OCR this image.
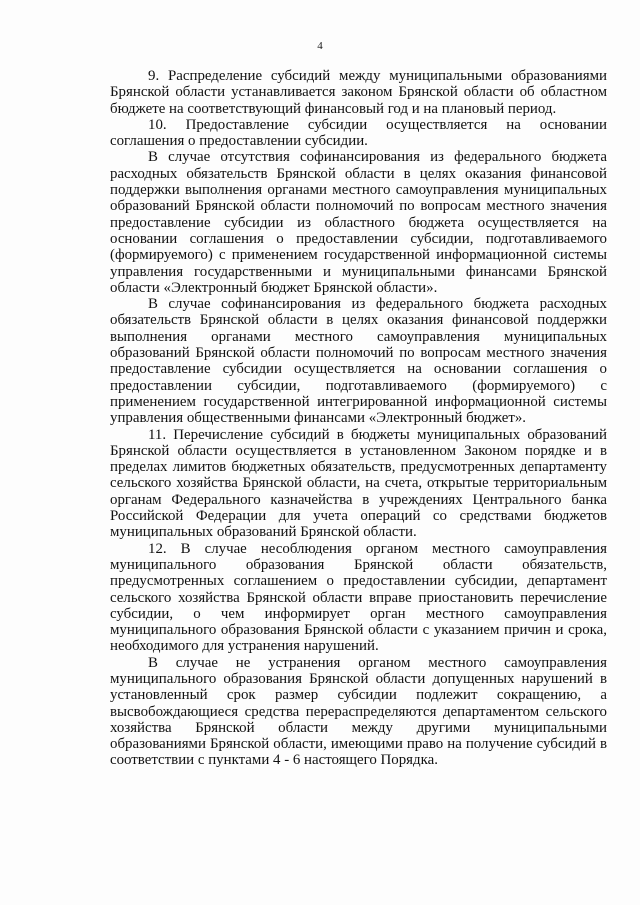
4

9. Распределение субсидий между муниципальными образованиями Брянской области устанавливается законом Брянской области об областном бюджете на соответствующий финансовый год и на плановый период.

10. Предоставление субсидии осуществляется на основании соглашения о предоставлении субсидии.

В случае отсутствия софинансирования из федерального бюджета расходных обязательств Брянской области в целях оказания финансовой поддержки выполнения органами местного самоуправления муниципальных образований Брянской области полномочий по вопросам местного значения предоставление субсидии из областного бюджета осуществляется на основании соглашения о предоставлении субсидии, подготавливаемого (формируемого) с применением государственной информационной системы управления государственными и муниципальными финансами Брянской области «Электронный бюджет Брянской области».

В случае софинансирования из федерального бюджета расходных обязательств Брянской области в целях оказания финансовой поддержки выполнения органами местного самоуправления муниципальных образований Брянской области полномочий по вопросам местного значения предоставление субсидии осуществляется на основании соглашения о предоставлении субсидии, подготавливаемого (формируемого) с применением государственной интегрированной информационной системы управления общественными финансами «Электронный бюджет».

11. Перечисление субсидий в бюджеты муниципальных образований Брянской области осуществляется в установленном Законом порядке и в пределах лимитов бюджетных обязательств, предусмотренных департаменту сельского хозяйства Брянской области, на счета, открытые территориальным органам Федерального казначейства в учреждениях Центрального банка Российской Федерации для учета операций со средствами бюджетов муниципальных образований Брянской области.

12. В случае несоблюдения органом местного самоуправления муниципального образования Брянской области обязательств, предусмотренных соглашением о предоставлении субсидии, департамент сельского хозяйства Брянской области вправе приостановить перечисление субсидии, о чем информирует орган местного самоуправления муниципального образования Брянской области с указанием причин и срока, необходимого для устранения нарушений.

В случае не устранения органом местного самоуправления муниципального образования Брянской области допущенных нарушений в установленный срок размер субсидии подлежит сокращению, а высвобождающиеся средства перераспределяются департаментом сельского хозяйства Брянской области между другими муниципальными образованиями Брянской области, имеющими право на получение субсидий в соответствии с пунктами 4 - 6 настоящего Порядка.
